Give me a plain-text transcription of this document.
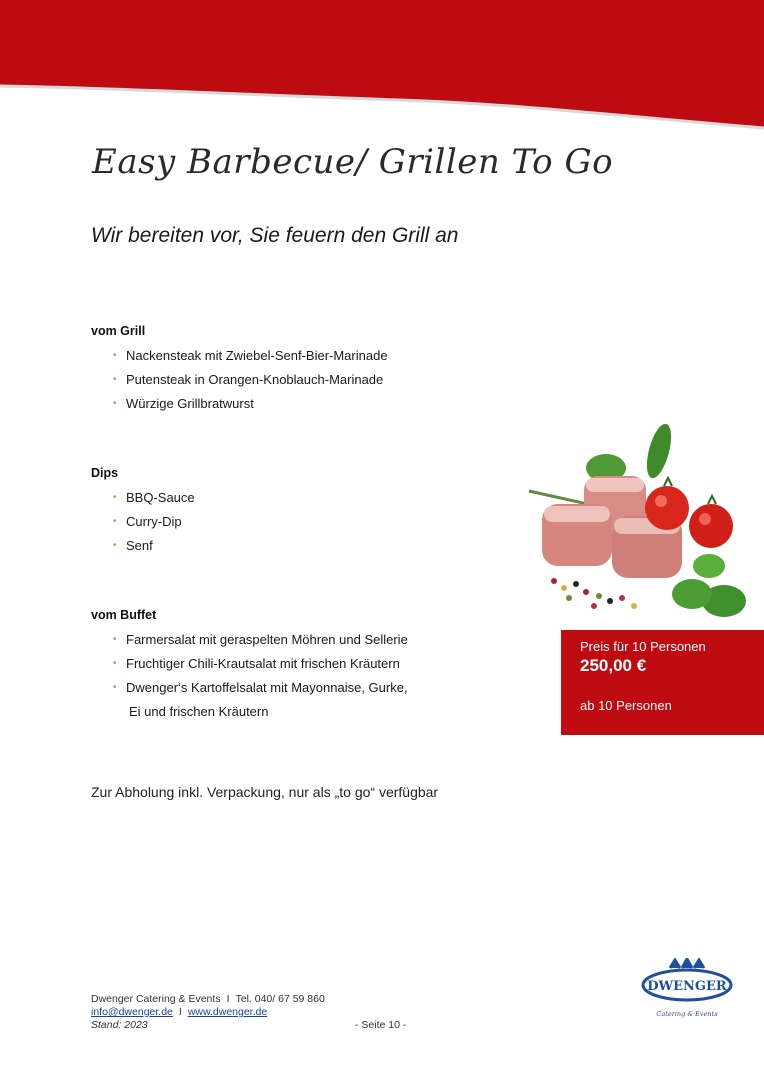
Easy Barbecue/ Grillen To Go
Wir bereiten vor, Sie feuern den Grill an
vom Grill
• Nackensteak mit Zwiebel-Senf-Bier-Marinade
• Putensteak in Orangen-Knoblauch-Marinade
• Würzige Grillbratwurst
Dips
• BBQ-Sauce
• Curry-Dip
• Senf
vom Buffet
• Farmersalat mit geraspelten Möhren und Sellerie
• Fruchtiger Chili-Krautsalat mit frischen Kräutern
• Dwenger‘s Kartoffelsalat mit Mayonnaise, Gurke,
Ei und frischen Kräutern
Zur Abholung inkl. Verpackung, nur als „to go“ verfügbar
Preis für 10 Personen
250,00 €
ab 10 Personen
Dwenger Catering & Events I Tel. 040/ 67 59 860
info@dwenger.de I www.dwenger.de
Stand: 2023	- Seite 10 -
DWENGER
Catering & Events
